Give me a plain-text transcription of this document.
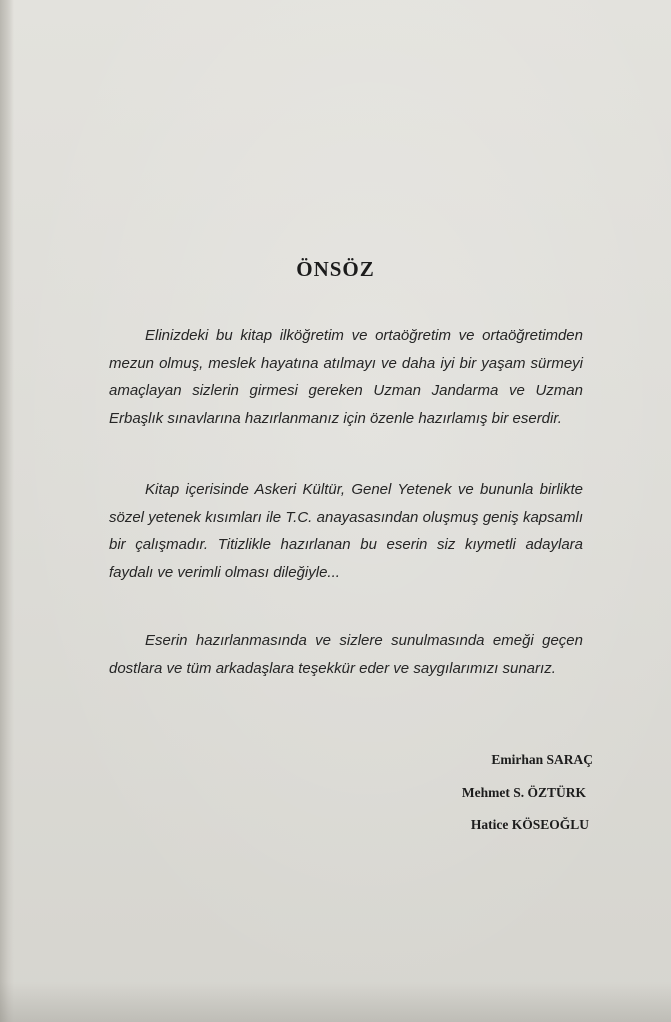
ÖNSÖZ

Elinizdeki bu kitap ilköğretim ve ortaöğretim ve ortaöğretimden mezun olmuş, meslek hayatına atılmayı ve daha iyi bir yaşam sürmeyi amaçlayan sizlerin girmesi gereken Uzman Jandarma ve Uzman Erbaşlık sınavlarına hazırlanmanız için özenle hazırlamış bir eserdir.

Kitap içerisinde Askeri Kültür, Genel Yetenek ve bununla birlikte sözel yetenek kısımları ile T.C. anayasasından oluşmuş geniş kapsamlı bir çalışmadır. Titizlikle hazırlanan bu eserin siz kıymetli adaylara faydalı ve verimli olması dileğiyle...

Eserin hazırlanmasında ve sizlere sunulmasında emeği geçen dostlara ve tüm arkadaşlara teşekkür eder ve saygılarımızı sunarız.

Emirhan SARAÇ
Mehmet S. ÖZTÜRK
Hatice KÖSEOĞLU
